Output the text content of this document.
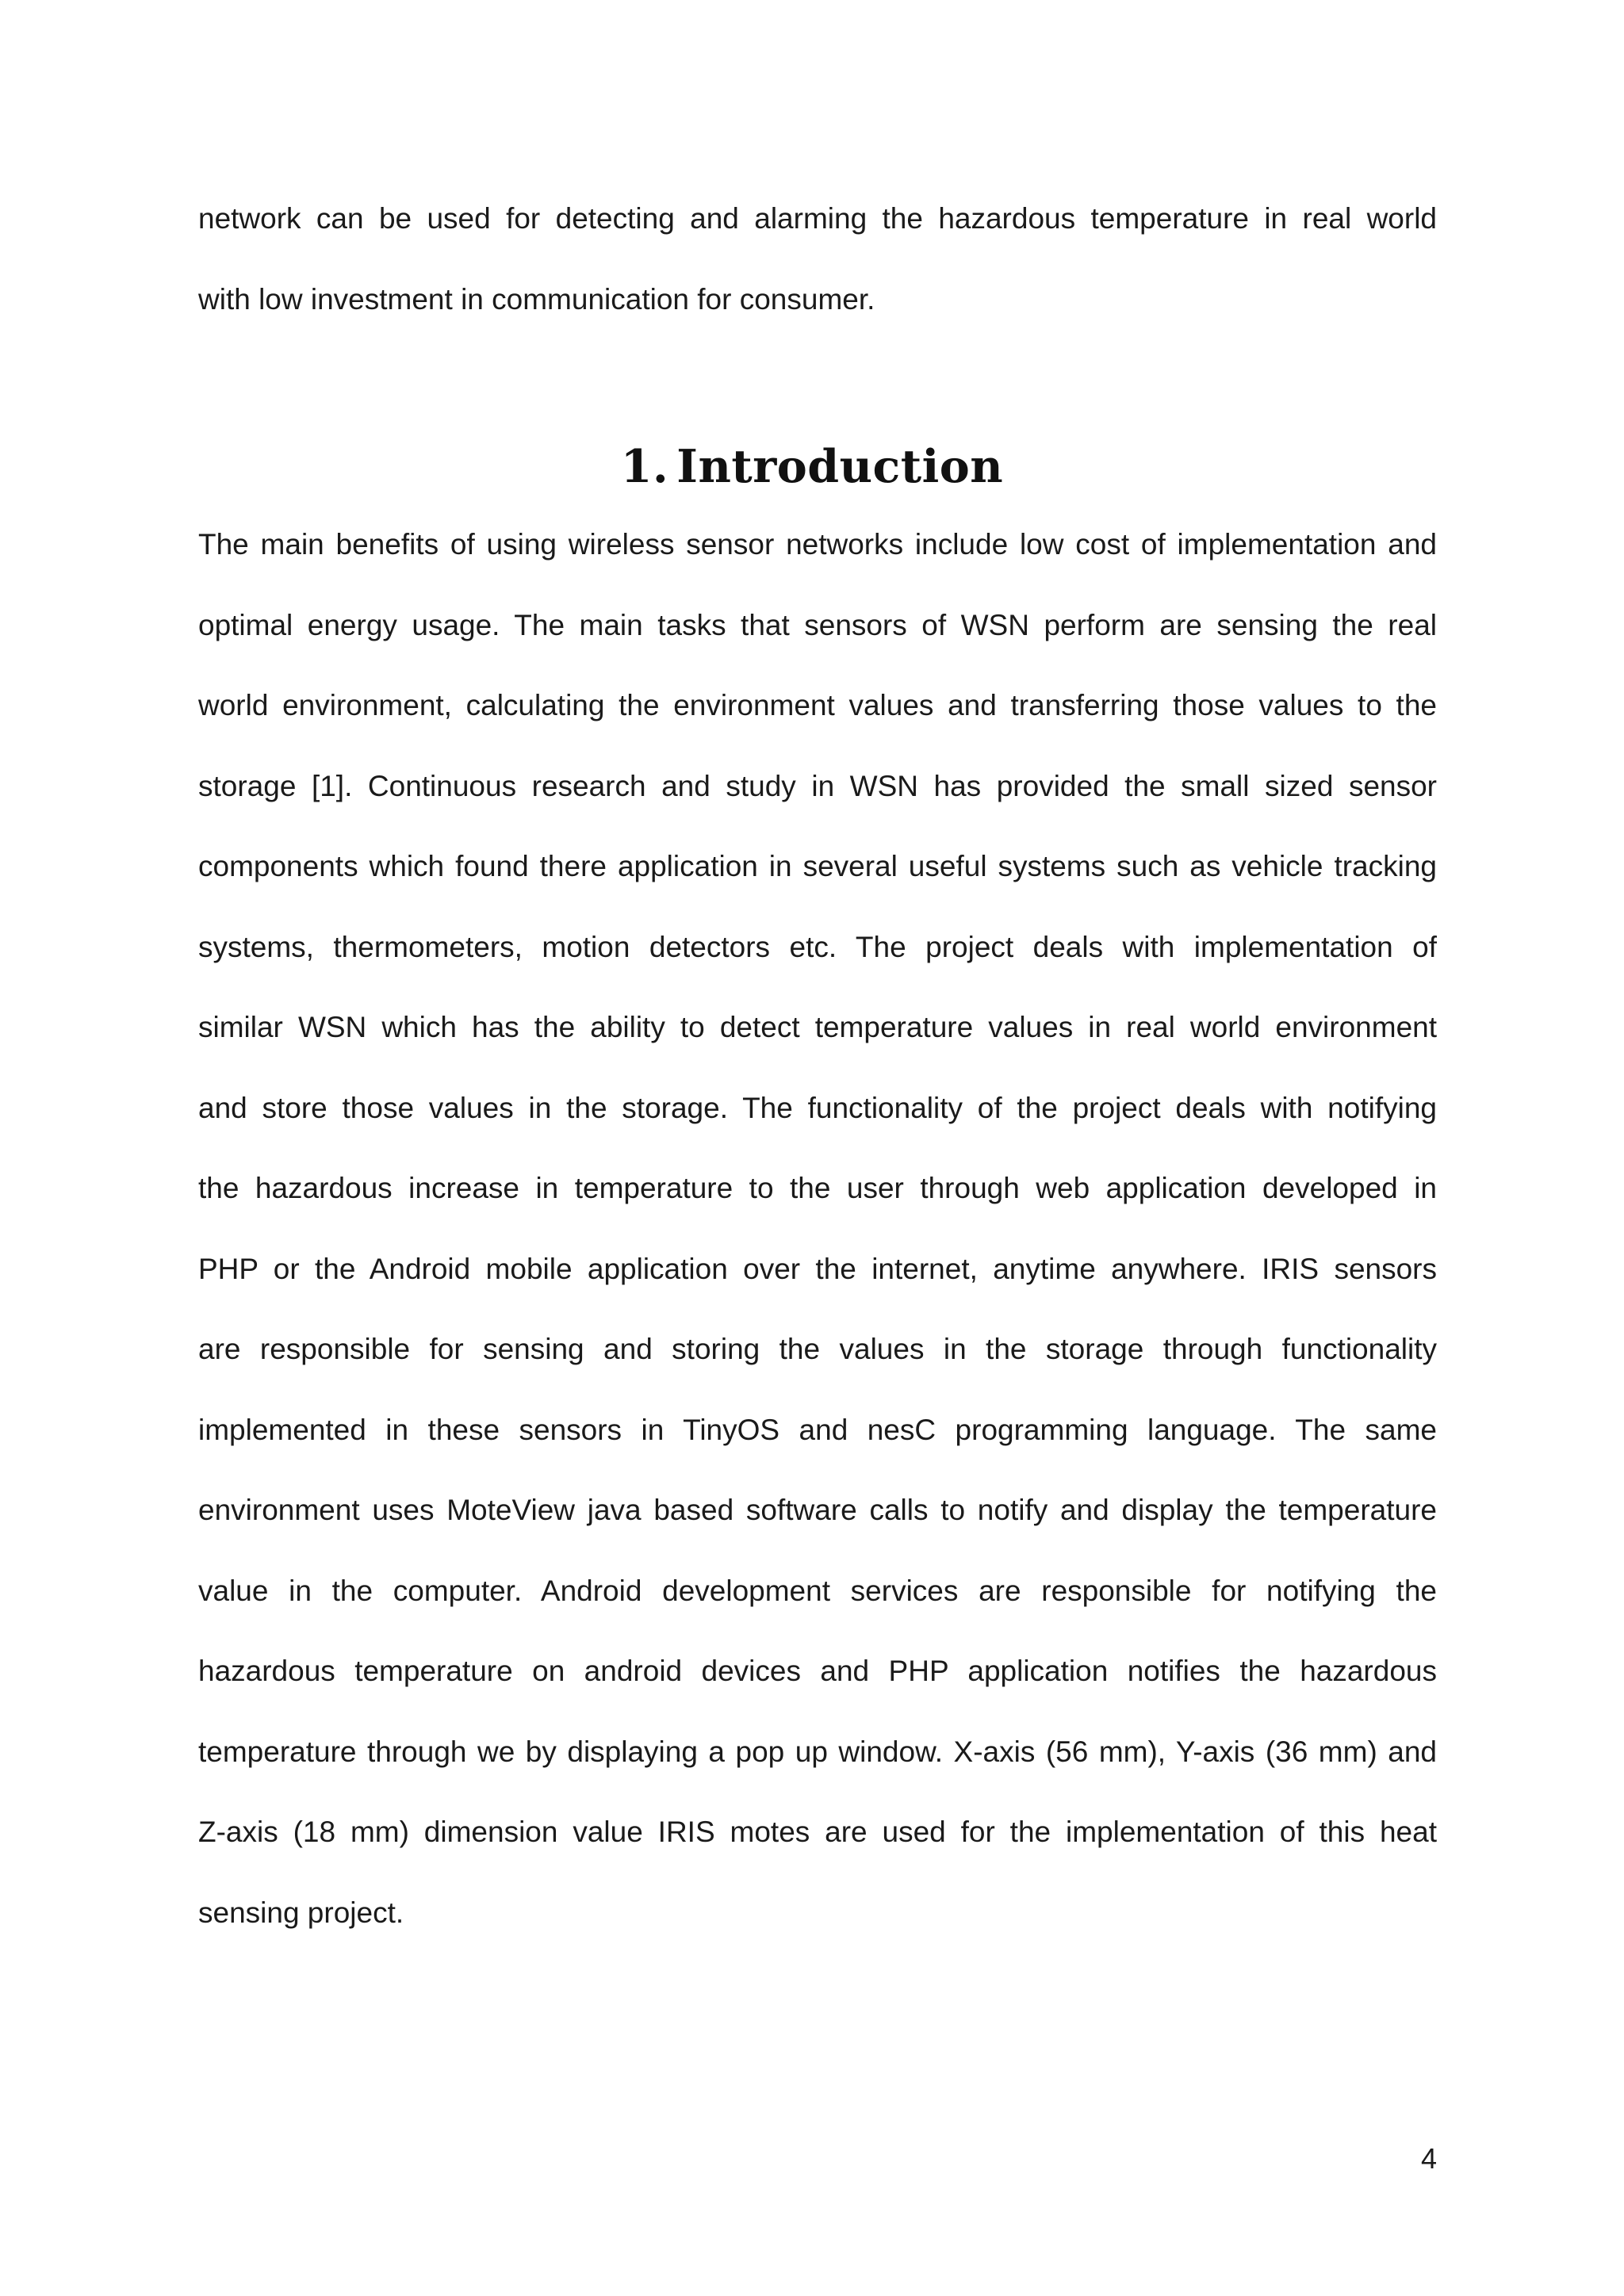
network can be used for detecting and alarming the hazardous temperature in real world
with low investment in communication for consumer.
1. Introduction
The main benefits of using wireless sensor networks include low cost of implementation and
optimal energy usage. The main tasks that sensors of WSN perform are sensing the real
world environment, calculating the environment values and transferring those values to the
storage [1]. Continuous research and study in WSN has provided the small sized sensor
components which found there application in several useful systems such as vehicle tracking
systems, thermometers, motion detectors etc. The project deals with implementation of
similar WSN which has the ability to detect temperature values in real world environment
and store those values in the storage. The functionality of the project deals with notifying
the hazardous increase in temperature to the user through web application developed in
PHP or the Android mobile application over the internet, anytime anywhere. IRIS sensors
are responsible for sensing and storing the values in the storage through functionality
implemented in these sensors in TinyOS and nesC programming language. The same
environment uses MoteView java based software calls to notify and display the temperature
value in the computer. Android development services are responsible for notifying the
hazardous temperature on android devices and PHP application notifies the hazardous
temperature through we by displaying a pop up window. X-axis (56 mm), Y-axis (36 mm) and
Z-axis (18 mm) dimension value IRIS motes are used for the implementation of this heat
sensing project.
4
